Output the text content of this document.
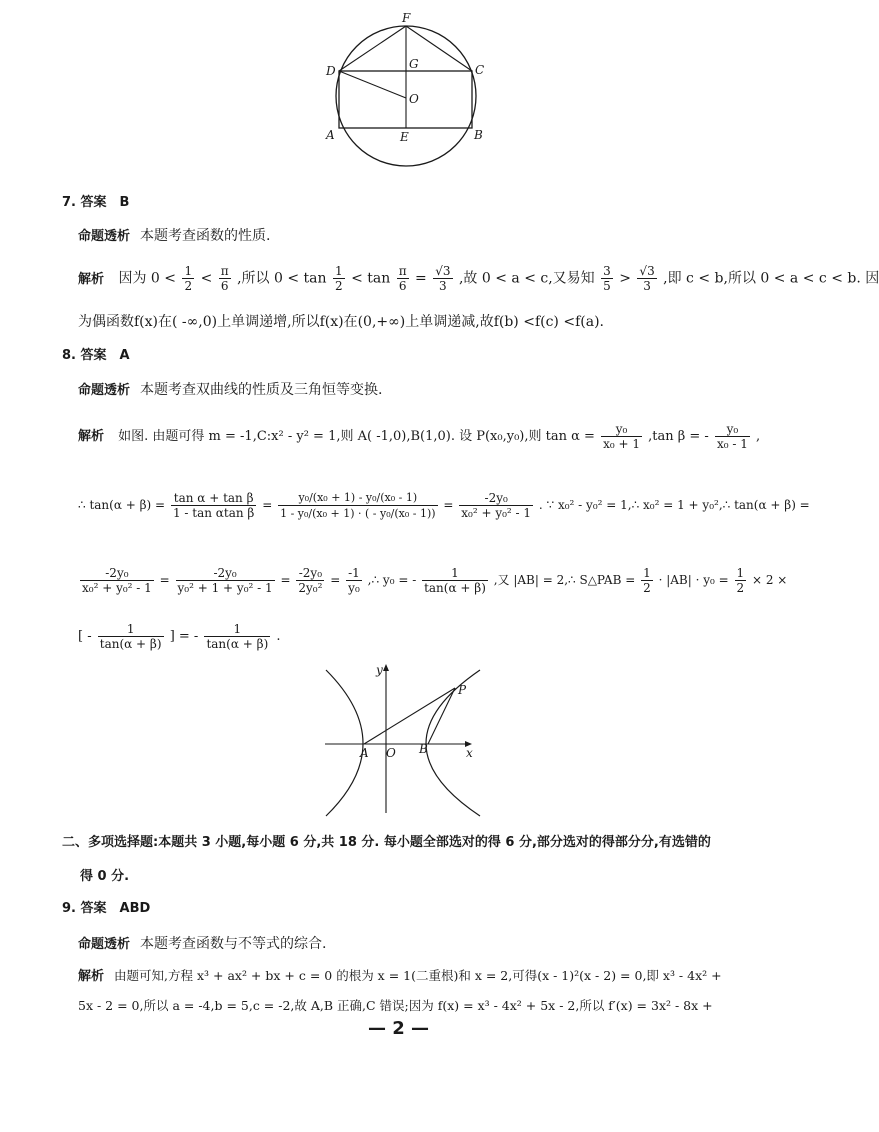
F
D	G	C
O
A	E	B
7. 答案　B
命题透析 本题考查函数的性质.
解析 因为 $0 < \frac{1}{2} < \frac{\pi}{6}$ ,所以 $0 < \tan \frac{1}{2} < \tan \frac{\pi}{6} = \frac{√3}{3}$ ,故 0 < a < c,又易知 $\frac{3}{5} > \frac{√3}{3}$ ,即 c < b,所以 0 < a < c < b. 因
为偶函数f(x)在( -∞,0)上单调递增,所以f(x)在(0,+∞)上单调递减,故f(b) <f(c) <f(a).
8. 答案　A
命题透析 本题考查双曲线的性质及三角恒等变换.
解析 如图. 由题可得 m = -1,C:x² - y² = 1,则 A( -1,0),B(1,0). 设 P(x₀,y₀),则 $\tan \alpha = \frac{\text{y₀}}{\text{x₀ + 1}} ,\tan$ β = - $\frac{\text{y₀}}{\text{x₀ - 1}}$ ,
∴ $\tan(\alpha + \beta) = \frac{\text{tan α + tan β}}{\text{1 - tan αtan β}} = \frac{\text{y₀/(x₀ + 1) - y₀/(x₀ - 1)}}{\text{1 - y₀/(x₀ + 1) · ( - y₀/(x₀ - 1))}} = \frac{\text{-2y₀}}{\text{x₀² + y₀² - 1}}$ . ∵ x₀² - y₀² = 1,∴ x₀² = 1 + y₀²,∴ tan(α + β) =
$\frac{\text{-2y₀}}{\text{x₀² + y₀² - 1}} = \frac{\text{-2y₀}}{\text{y₀² + 1 + y₀² - 1}} = \frac{\text{-2y₀}}{\text{2y₀²}} = \frac{-1}{\text{y₀}}$ ,∴ y₀ = - $\frac{1}{\tan(\alpha + \beta)}$ ,又 |AB| = 2,∴ S△PAB = $\frac{1}{2} \cdot |AB| \cdot y_0 = \frac{1}{2} \times 2$ ×
[ - $\frac{1}{\tan(\alpha + \beta)}$ ] = - $\frac{1}{\tan(\alpha + \beta)}$ .
y
P
A O B	x
二、多项选择题:本题共 3 小题,每小题 6 分,共 18 分. 每小题全部选对的得 6 分,部分选对的得部分分,有选错的
得 0 分.
9. 答案　ABD
命题透析 本题考查函数与不等式的综合.
解析 由题可知,方程 x³ + ax² + bx + c = 0 的根为 x = 1(二重根)和 x = 2,可得(x - 1)²(x - 2) = 0,即 x³ - 4x² +
5x - 2 = 0,所以 a = -4,b = 5,c = -2,故 A,B 正确,C 错误;因为 f(x) = x³ - 4x² + 5x - 2,所以 f′(x) = 3x² - 8x +
— 2 —
